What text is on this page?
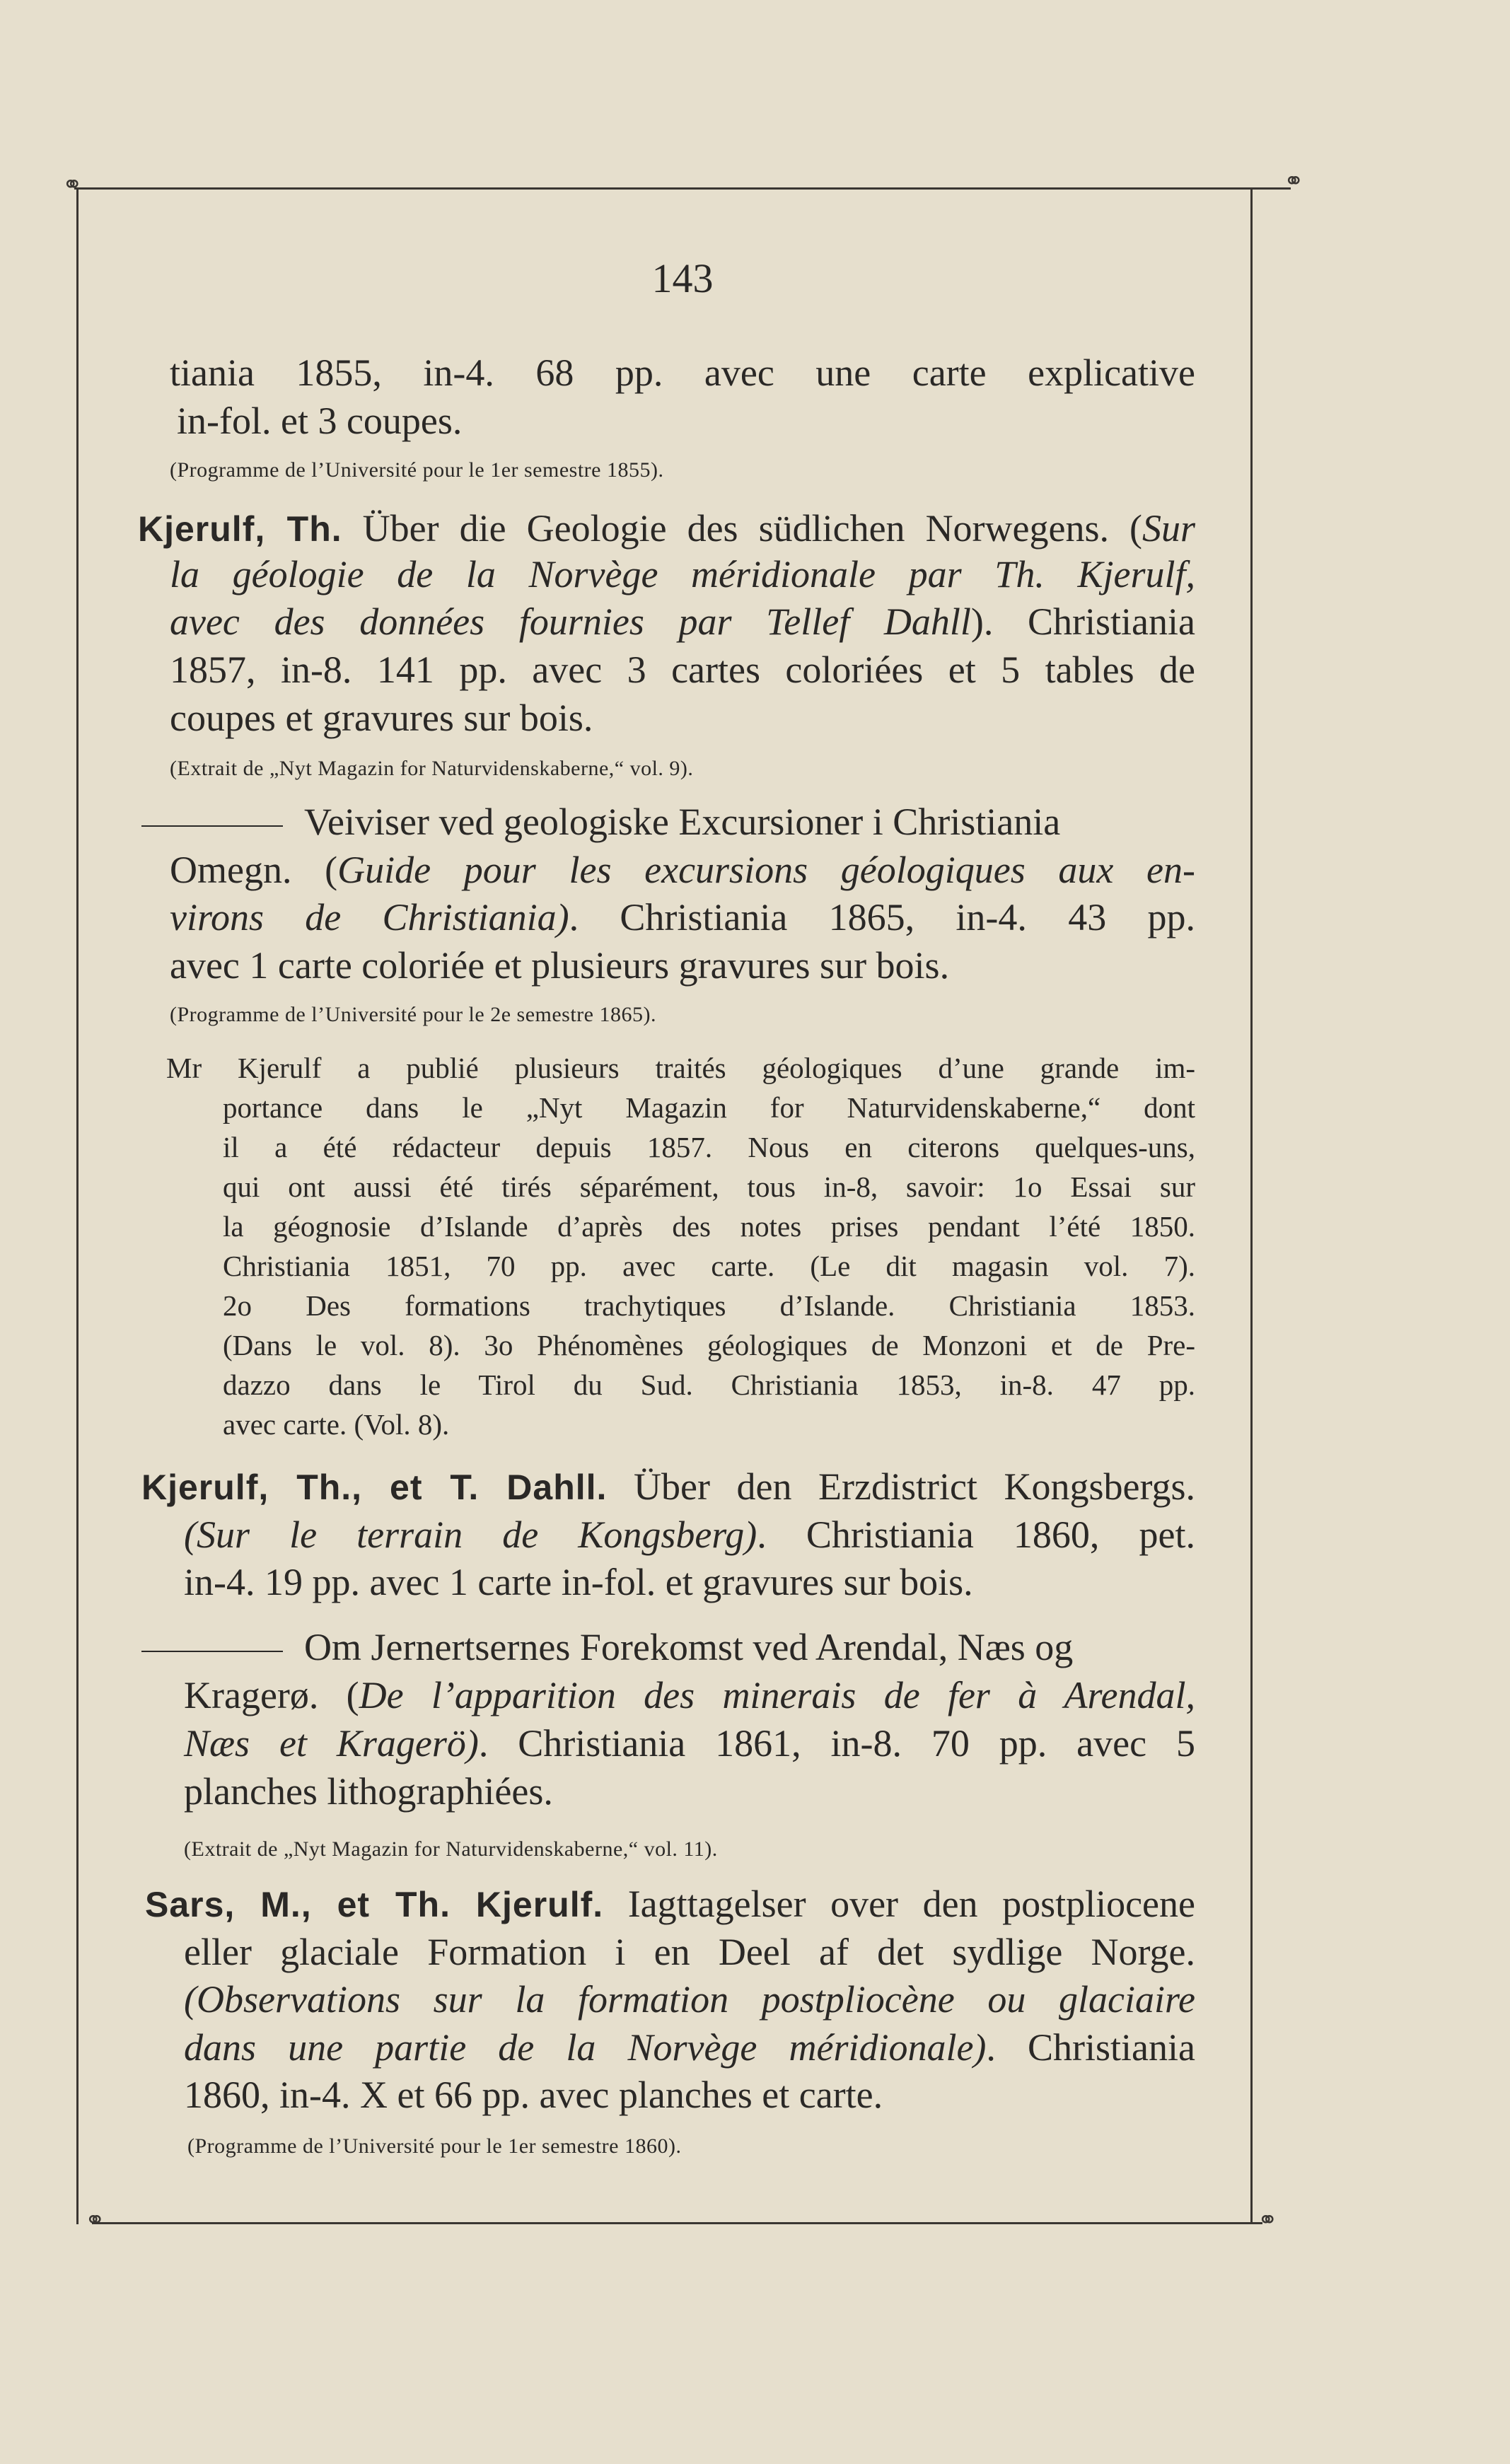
⚭	⚭
⚭	⚭
143
tiania 1855, in-4. 68 pp. avec une carte explicative
in-fol. et 3 coupes.
(Programme de l’Université pour le 1er semestre 1855).
Kjerulf, Th. Über die Geologie des südlichen Norwegens. (Sur
la géologie de la Norvège méridionale par Th. Kjerulf,
avec des données fournies par Tellef Dahll). Christiania
1857, in-8. 141 pp. avec 3 cartes coloriées et 5 tables de
coupes et gravures sur bois.
(Extrait de „Nyt Magazin for Naturvidenskaberne,“ vol. 9).
Veiviser ved geologiske Excursioner i Christiania
Omegn. (Guide pour les excursions géologiques aux en-
virons de Christiania). Christiania 1865, in-4. 43 pp.
avec 1 carte coloriée et plusieurs gravures sur bois.
(Programme de l’Université pour le 2e semestre 1865).
Mr Kjerulf a publié plusieurs traités géologiques d’une grande im-
portance dans le „Nyt Magazin for Naturvidenskaberne,“ dont
il a été rédacteur depuis 1857. Nous en citerons quelques-uns,
qui ont aussi été tirés séparément, tous in-8, savoir: 1o Essai sur
la géognosie d’Islande d’après des notes prises pendant l’été 1850.
Christiania 1851, 70 pp. avec carte. (Le dit magasin vol. 7).
2o Des formations trachytiques d’Islande. Christiania 1853.
(Dans le vol. 8). 3o Phénomènes géologiques de Monzoni et de Pre-
dazzo dans le Tirol du Sud. Christiania 1853, in-8. 47 pp.
avec carte. (Vol. 8).
Kjerulf, Th., et T. Dahll. Über den Erzdistrict Kongsbergs.
(Sur le terrain de Kongsberg). Christiania 1860, pet.
in-4. 19 pp. avec 1 carte in-fol. et gravures sur bois.
Om Jernertsernes Forekomst ved Arendal, Næs og
Kragerø. (De l’apparition des minerais de fer à Arendal,
Næs et Kragerö). Christiania 1861, in-8. 70 pp. avec 5
planches lithographiées.
(Extrait de „Nyt Magazin for Naturvidenskaberne,“ vol. 11).
Sars, M., et Th. Kjerulf. Iagttagelser over den postpliocene
eller glaciale Formation i en Deel af det sydlige Norge.
(Observations sur la formation postpliocène ou glaciaire
dans une partie de la Norvège méridionale). Christiania
1860, in-4. X et 66 pp. avec planches et carte.
(Programme de l’Université pour le 1er semestre 1860).
